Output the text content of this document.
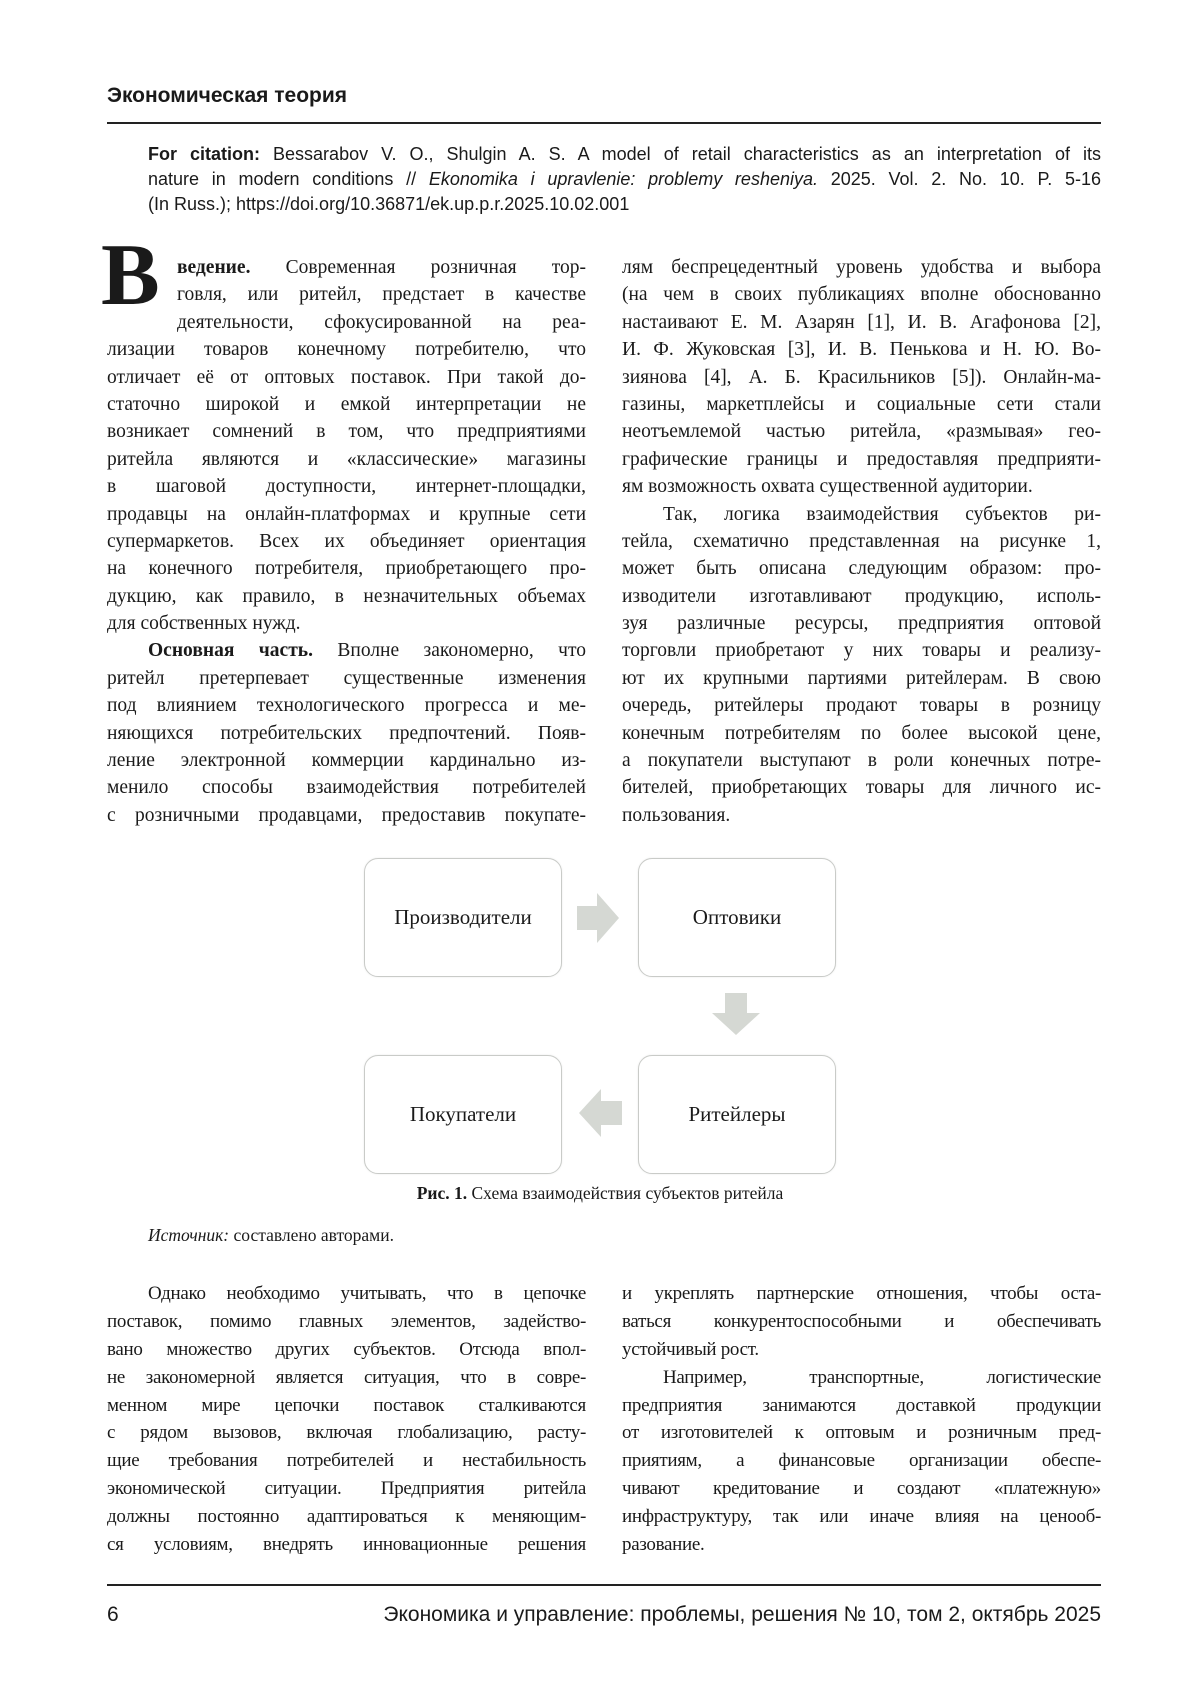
Экономическая теория
For citation: Bessarabov V. O., Shulgin A. S. A model of retail characteristics as an interpretation of its
nature in modern conditions // Ekonomika i upravlenie: problemy resheniya. 2025. Vol. 2. No. 10. P. 5-16
(In Russ.); https://doi.org/10.36871/ek.up.p.r.2025.10.02.001
В ведение. Современная розничная тор-
говля, или ритейл, предстает в качестве
деятельности, сфокусированной на реа-
лизации товаров конечному потребителю, что
отличает её от оптовых поставок. При такой до-
статочно широкой и емкой интерпретации не
возникает сомнений в том, что предприятиями
ритейла являются и «классические» магазины
в шаговой доступности, интернет-площадки,
продавцы на онлайн-платформах и крупные сети
супермаркетов. Всех их объединяет ориентация
на конечного потребителя, приобретающего про-
дукцию, как правило, в незначительных объемах
для собственных нужд.
Основная часть. Вполне закономерно, что
ритейл претерпевает существенные изменения
под влиянием технологического прогресса и ме-
няющихся потребительских предпочтений. Появ-
ление электронной коммерции кардинально из-
менило способы взаимодействия потребителей
с розничными продавцами, предоставив покупате-
лям беспрецедентный уровень удобства и выбора
(на чем в своих публикациях вполне обоснованно
настаивают Е. М. Азарян [1], И. В. Агафонова [2],
И. Ф. Жуковская [3], И. В. Пенькова и Н. Ю. Во-
зиянова [4], А. Б. Красильников [5]). Онлайн-ма-
газины, маркетплейсы и социальные сети стали
неотъемлемой частью ритейла, «размывая» гео-
графические границы и предоставляя предприяти-
ям возможность охвата существенной аудитории.
Так, логика взаимодействия субъектов ри-
тейла, схематично представленная на рисунке 1,
может быть описана следующим образом: про-
изводители изготавливают продукцию, исполь-
зуя различные ресурсы, предприятия оптовой
торговли приобретают у них товары и реализу-
ют их крупными партиями ритейлерам. В свою
очередь, ритейлеры продают товары в розницу
конечным потребителям по более высокой цене,
а покупатели выступают в роли конечных потре-
бителей, приобретающих товары для личного ис-
пользования.
Производители	Оптовики
Ритейлеры
Покупатели
Рис. 1. Схема взаимодействия субъектов ритейла
Источник: составлено авторами.
Однако необходимо учитывать, что в цепочке
поставок, помимо главных элементов, задейство-
вано множество других субъектов. Отсюда впол-
не закономерной является ситуация, что в совре-
менном мире цепочки поставок сталкиваются
с рядом вызовов, включая глобализацию, расту-
щие требования потребителей и нестабильность
экономической ситуации. Предприятия ритейла
должны постоянно адаптироваться к меняющим-
ся условиям, внедрять инновационные решения
и укреплять партнерские отношения, чтобы оста-
ваться конкурентоспособными и обеспечивать
устойчивый рост.
Например, транспортные, логистические
предприятия занимаются доставкой продукции
от изготовителей к оптовым и розничным пред-
приятиям, а финансовые организации обеспе-
чивают кредитование и создают «платежную»
инфраструктуру, так или иначе влияя на ценооб-
разование.
6	Экономика и управление: проблемы, решения № 10, том 2, октябрь 2025
